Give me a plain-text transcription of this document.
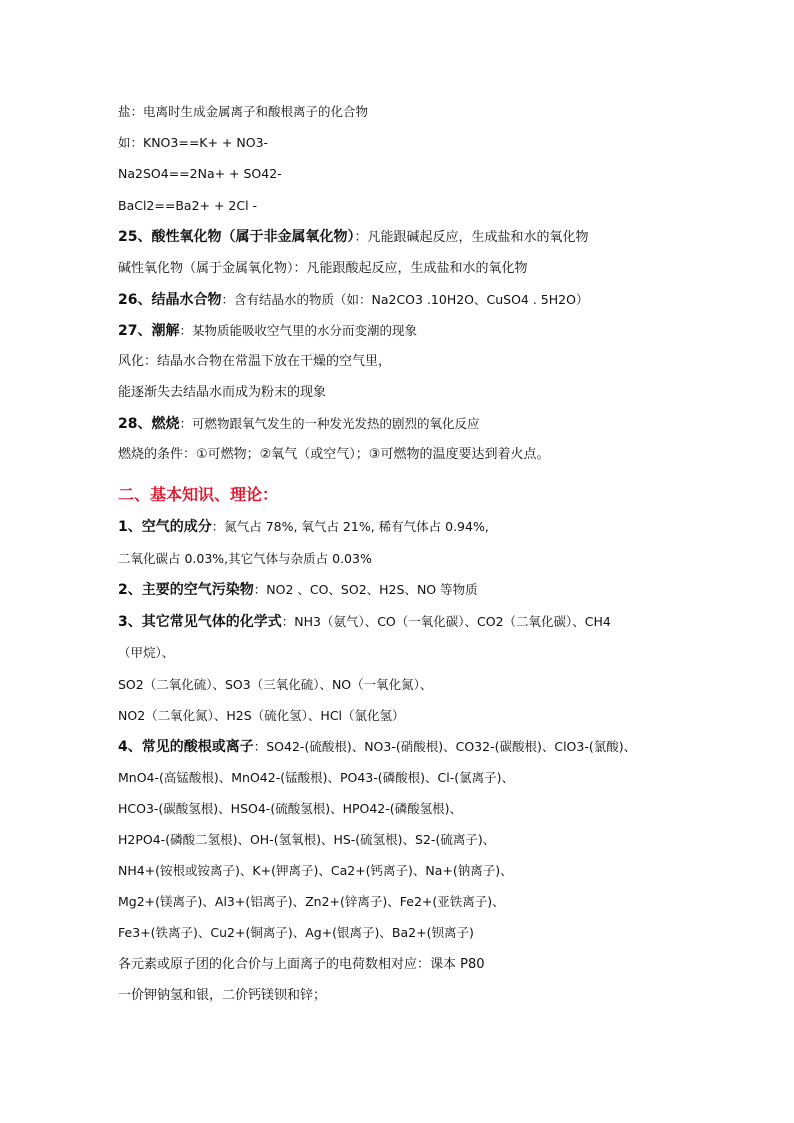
盐：电离时生成金属离子和酸根离子的化合物
如：KNO3==K+ + NO3-
Na2SO4==2Na+ + SO42-
BaCl2==Ba2+ + 2Cl -
25、酸性氧化物（属于非金属氧化物）：凡能跟碱起反应，生成盐和水的氧化物
碱性氧化物（属于金属氧化物）：凡能跟酸起反应，生成盐和水的氧化物
26、结晶水合物：含有结晶水的物质（如：Na2CO3 .10H2O、CuSO4 . 5H2O）
27、潮解：某物质能吸收空气里的水分而变潮的现象
风化：结晶水合物在常温下放在干燥的空气里，
能逐渐失去结晶水而成为粉末的现象
28、燃烧：可燃物跟氧气发生的一种发光发热的剧烈的氧化反应
燃烧的条件：①可燃物；②氧气（或空气）；③可燃物的温度要达到着火点。
二、基本知识、理论：
1、空气的成分：氮气占 78%, 氧气占 21%, 稀有气体占 0.94%,
二氧化碳占 0.03%,其它气体与杂质占 0.03%
2、主要的空气污染物：NO2 、CO、SO2、H2S、NO 等物质
3、其它常见气体的化学式：NH3（氨气）、CO（一氧化碳）、CO2（二氧化碳）、CH4
（甲烷）、
SO2（二氧化硫）、SO3（三氧化硫）、NO（一氧化氮）、
NO2（二氧化氮）、H2S（硫化氢）、HCl（氯化氢）
4、常见的酸根或离子：SO42-(硫酸根)、NO3-(硝酸根)、CO32-(碳酸根)、ClO3-(氯酸)、
MnO4-(高锰酸根)、MnO42-(锰酸根)、PO43-(磷酸根)、Cl-(氯离子)、
HCO3-(碳酸氢根)、HSO4-(硫酸氢根)、HPO42-(磷酸氢根)、
H2PO4-(磷酸二氢根)、OH-(氢氧根)、HS-(硫氢根)、S2-(硫离子)、
NH4+(铵根或铵离子)、K+(钾离子)、Ca2+(钙离子)、Na+(钠离子)、
Mg2+(镁离子)、Al3+(铝离子)、Zn2+(锌离子)、Fe2+(亚铁离子)、
Fe3+(铁离子)、Cu2+(铜离子)、Ag+(银离子)、Ba2+(钡离子)
各元素或原子团的化合价与上面离子的电荷数相对应：课本 P80
一价钾钠氢和银，二价钙镁钡和锌；
